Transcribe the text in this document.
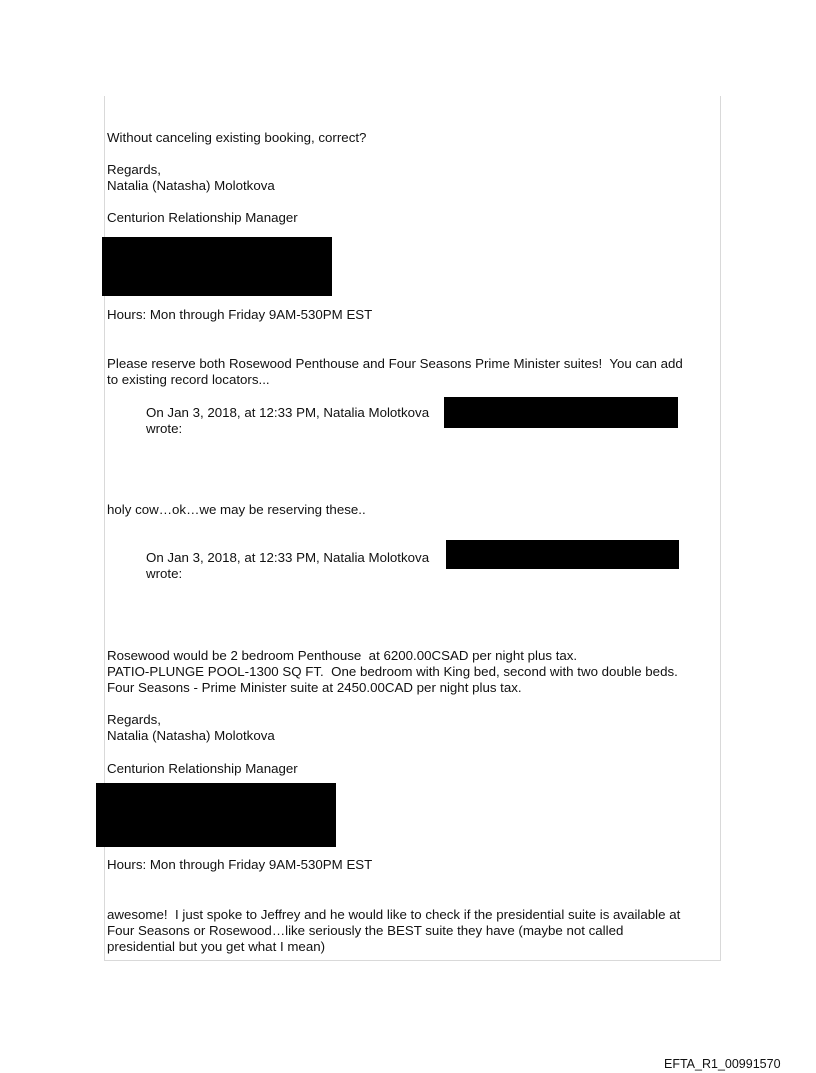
Without canceling existing booking, correct?

Regards,

Natalia (Natasha) Molotkova

Centurion Relationship Manager

Hours: Mon through Friday 9AM-530PM EST

Please reserve both Rosewood Penthouse and Four Seasons Prime Minister suites!  You can add

to existing record locators...

On Jan 3, 2018, at 12:33 PM, Natalia Molotkova

wrote:

holy cow…ok…we may be reserving these..

On Jan 3, 2018, at 12:33 PM, Natalia Molotkova

wrote:

Rosewood would be 2 bedroom Penthouse  at 6200.00CSAD per night plus tax.

PATIO-PLUNGE POOL-1300 SQ FT.  One bedroom with King bed, second with two double beds.

Four Seasons - Prime Minister suite at 2450.00CAD per night plus tax.

Regards,

Natalia (Natasha) Molotkova

Centurion Relationship Manager

Hours: Mon through Friday 9AM-530PM EST

awesome!  I just spoke to Jeffrey and he would like to check if the presidential suite is available at

Four Seasons or Rosewood…like seriously the BEST suite they have (maybe not called

presidential but you get what I mean)

EFTA_R1_00991570
